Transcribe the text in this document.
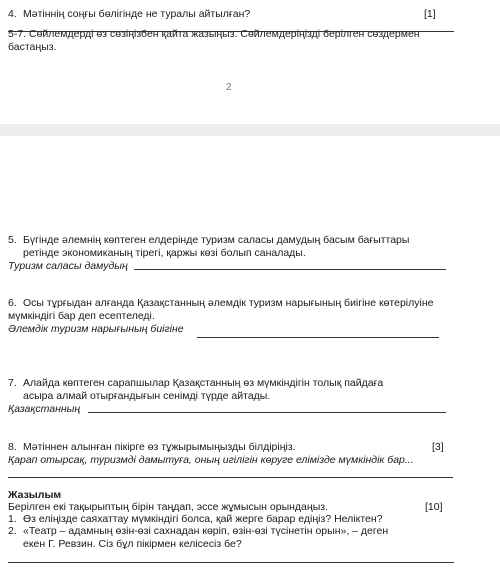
4. Мәтіннің соңғы бөлігінде не туралы айтылған?	[1]
5-7. Сөйлемдерді өз сөзіңізбен қайта жазыңыз. Сөйлемдеріңізді берілген сөздермен
бастаңыз.
2
5. Бүгінде әлемнің көптеген елдерінде туризм саласы дамудың басым бағыттары
ретінде экономиканың тірегі, қаржы көзі болып саналады.
Туризм саласы дамудың
6. Осы тұрғыдан алғанда Қазақстанның әлемдік туризм нарығының биігіне көтерілуіне
мүмкіндігі бар деп есептеледі.
Әлемдік туризм нарығының биігіне
7. Алайда көптеген сарапшылар Қазақстанның өз мүмкіндігін толық пайдаға
асыра алмай отырғандығын сенімді түрде айтады.
Қазақстанның
8. Мәтіннен алынған пікірге өз тұжырымыңызды білдіріңіз.	[3]
Қарап отырсақ, туризмді дамытуға, оның игілігін көруге елімізде мүмкіндік бар...
Жазылым
Берілген екі тақырыптың бірін таңдап, эссе жұмысын орындаңыз.	[10]
1. Өз еліңізде саяхаттау мүмкіндігі болса, қай жерге барар едіңіз? Неліктен?
2. «Театр – адамның өзін-өзі сахнадан көріп, өзін-өзі түсінетін орын», – деген
екен Г. Ревзин. Сіз бұл пікірмен келісесіз бе?
